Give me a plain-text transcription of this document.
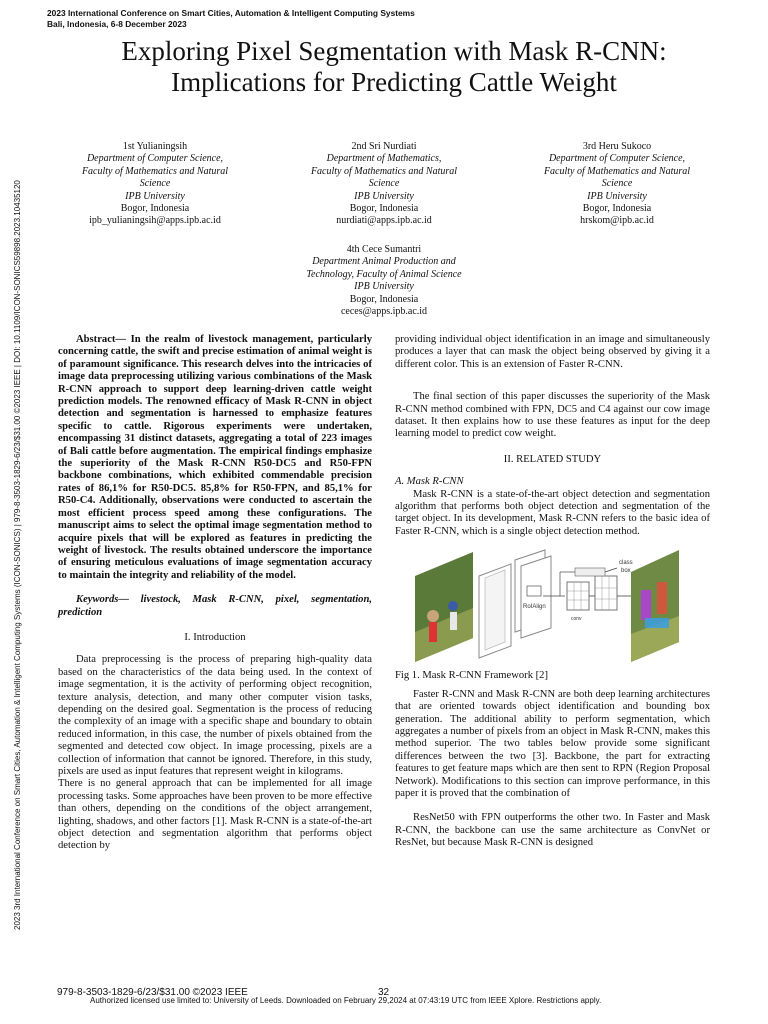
2023 International Conference on Smart Cities, Automation & Intelligent Computing Systems
Bali, Indonesia, 6-8 December 2023
2023 3rd International Conference on Smart Cities, Automation & Intelligent Computing Systems (ICON-SONICS) | 979-8-3503-1829-6/23/$31.00 ©2023 IEEE | DOI: 10.1109/ICON-SONICS59898.2023.10435120
Exploring Pixel Segmentation with Mask R-CNN:
Implications for Predicting Cattle Weight
1st Yulianingsih
Department of Computer Science,
Faculty of Mathematics and Natural
Science
IPB University
Bogor, Indonesia
ipb_yulianingsih@apps.ipb.ac.id
2nd Sri Nurdiati
Department of Mathematics,
Faculty of Mathematics and Natural
Science
IPB University
Bogor, Indonesia
nurdiati@apps.ipb.ac.id
3rd Heru Sukoco
Department of Computer Science,
Faculty of Mathematics and Natural
Science
IPB University
Bogor, Indonesia
hrskom@ipb.ac.id
4th Cece Sumantri
Department Animal Production and
Technology, Faculty of Animal Science
IPB University
Bogor, Indonesia
ceces@apps.ipb.ac.id

Abstract— In the realm of livestock management, particularly concerning cattle, the swift and precise estimation of animal weight is of paramount significance. This research delves into the intricacies of image data preprocessing utilizing various combinations of the Mask R-CNN approach to support deep learning-driven cattle weight prediction models. The renowned efficacy of Mask R-CNN in object detection and segmentation is harnessed to emphasize features specific to cattle. Rigorous experiments were undertaken, encompassing 31 distinct datasets, aggregating a total of 223 images of Bali cattle before augmentation. The empirical findings emphasize the superiority of the Mask R-CNN R50-DC5 and R50-FPN backbone combinations, which exhibited commendable precision rates of 86,1% for R50-DC5. 85,8% for R50-FPN, and 85,1% for R50-C4. Additionally, observations were conducted to ascertain the most efficient process speed among these configurations. The manuscript aims to select the optimal image segmentation method to acquire pixels that will be explored as features in predicting the weight of livestock. The results obtained underscore the importance of ensuring meticulous evaluations of image segmentation accuracy to maintain the integrity and reliability of the model.

Keywords— livestock, Mask R-CNN, pixel, segmentation, prediction

I. Introduction

Data preprocessing is the process of preparing high-quality data based on the characteristics of the data being used. In the context of image segmentation, it is the activity of performing object recognition, texture analysis, detection, and many other computer vision tasks, depending on the desired goal. Segmentation is the process of reducing the complexity of an image with a specific shape and boundary to obtain reduced information, in this case, the number of pixels obtained from the segmented and detected cow object. In image processing, pixels are a collection of information that cannot be ignored. Therefore, in this study, pixels are used as input features that represent weight in kilograms.

There is no general approach that can be implemented for all image processing tasks. Some approaches have been proven to be more effective than others, depending on the conditions of the object arrangement, lighting, shadows, and other factors [1]. Mask R-CNN is a state-of-the-art object detection and segmentation algorithm that performs object detection by

providing individual object identification in an image and simultaneously produces a layer that can mask the object being observed by giving it a different color. This is an extension of Faster R-CNN.

The final section of this paper discusses the superiority of the Mask R-CNN method combined with FPN, DC5 and C4 against our cow image dataset. It then explains how to use these features as input for the deep learning model to predict cow weight.

II. RELATED STUDY

A. Mask R-CNN

Mask R-CNN is a state-of-the-art object detection and segmentation algorithm that performs both object detection and segmentation of the target object. In its development, Mask R-CNN refers to the basic idea of Faster R-CNN, which is a single object detection method.

RoIAlign
conv
class
box

Fig 1. Mask R-CNN Framework [2]

Faster R-CNN and Mask R-CNN are both deep learning architectures that are oriented towards object identification and bounding box generation. The additional ability to perform segmentation, which aggregates a number of pixels from an object in Mask R-CNN, makes this method superior. The two tables below provide some significant differences between the two [3]. Backbone, the part for extracting features to get feature maps which are then sent to RPN (Region Proposal Network). Modifications to this section can improve performance, in this paper it is proved that the combination of

ResNet50 with FPN outperforms the other two. In Faster and Mask R-CNN, the backbone can use the same architecture as ConvNet or ResNet, but because Mask R-CNN is designed

979-8-3503-1829-6/23/$31.00 ©2023 IEEE	32
Authorized licensed use limited to: University of Leeds. Downloaded on February 29,2024 at 07:43:19 UTC from IEEE Xplore. Restrictions apply.
